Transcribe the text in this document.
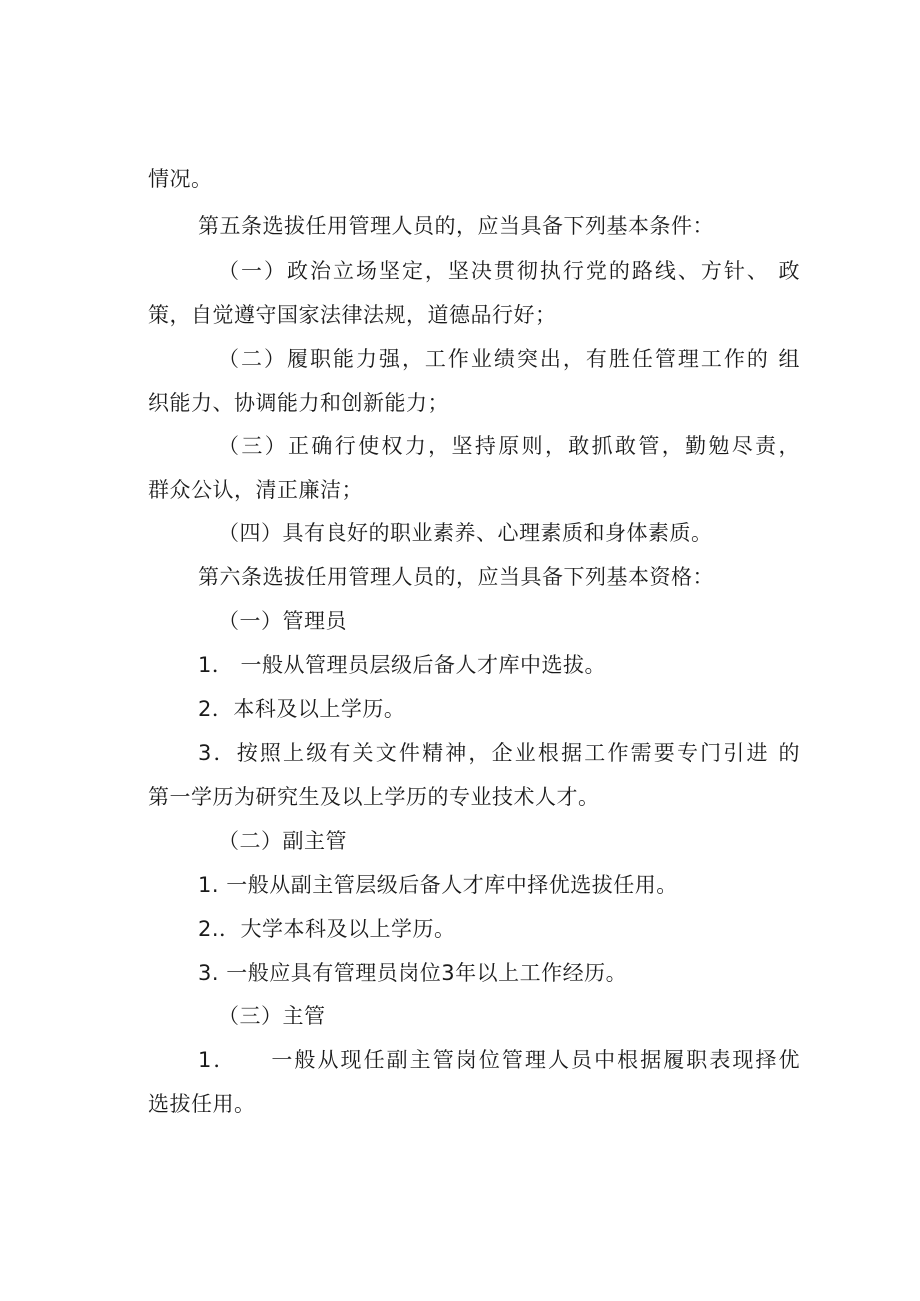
情况。
第五条选拔任用管理人员的，应当具备下列基本条件：
（一）政治立场坚定，坚决贯彻执行党的路线、方针、 政
策，自觉遵守国家法律法规，道德品行好；
（二）履职能力强，工作业绩突出，有胜任管理工作的 组
织能力、协调能力和创新能力；
（三）正确行使权力，坚持原则，敢抓敢管，勤勉尽责，
群众公认，清正廉洁；
（四）具有良好的职业素养、心理素质和身体素质。
第六条选拔任用管理人员的，应当具备下列基本资格：
（一）管理员
1． 一般从管理员层级后备人才库中选拔。
2．本科及以上学历。
3．按照上级有关文件精神，企业根据工作需要专门引进 的
第一学历为研究生及以上学历的专业技术人才。
（二）副主管
1. 一般从副主管层级后备人才库中择优选拔任用。
2.．大学本科及以上学历。
3. 一般应具有管理员岗位3年以上工作经历。
（三）主管
1．    一般从现任副主管岗位管理人员中根据履职表现择优
选拔任用。
